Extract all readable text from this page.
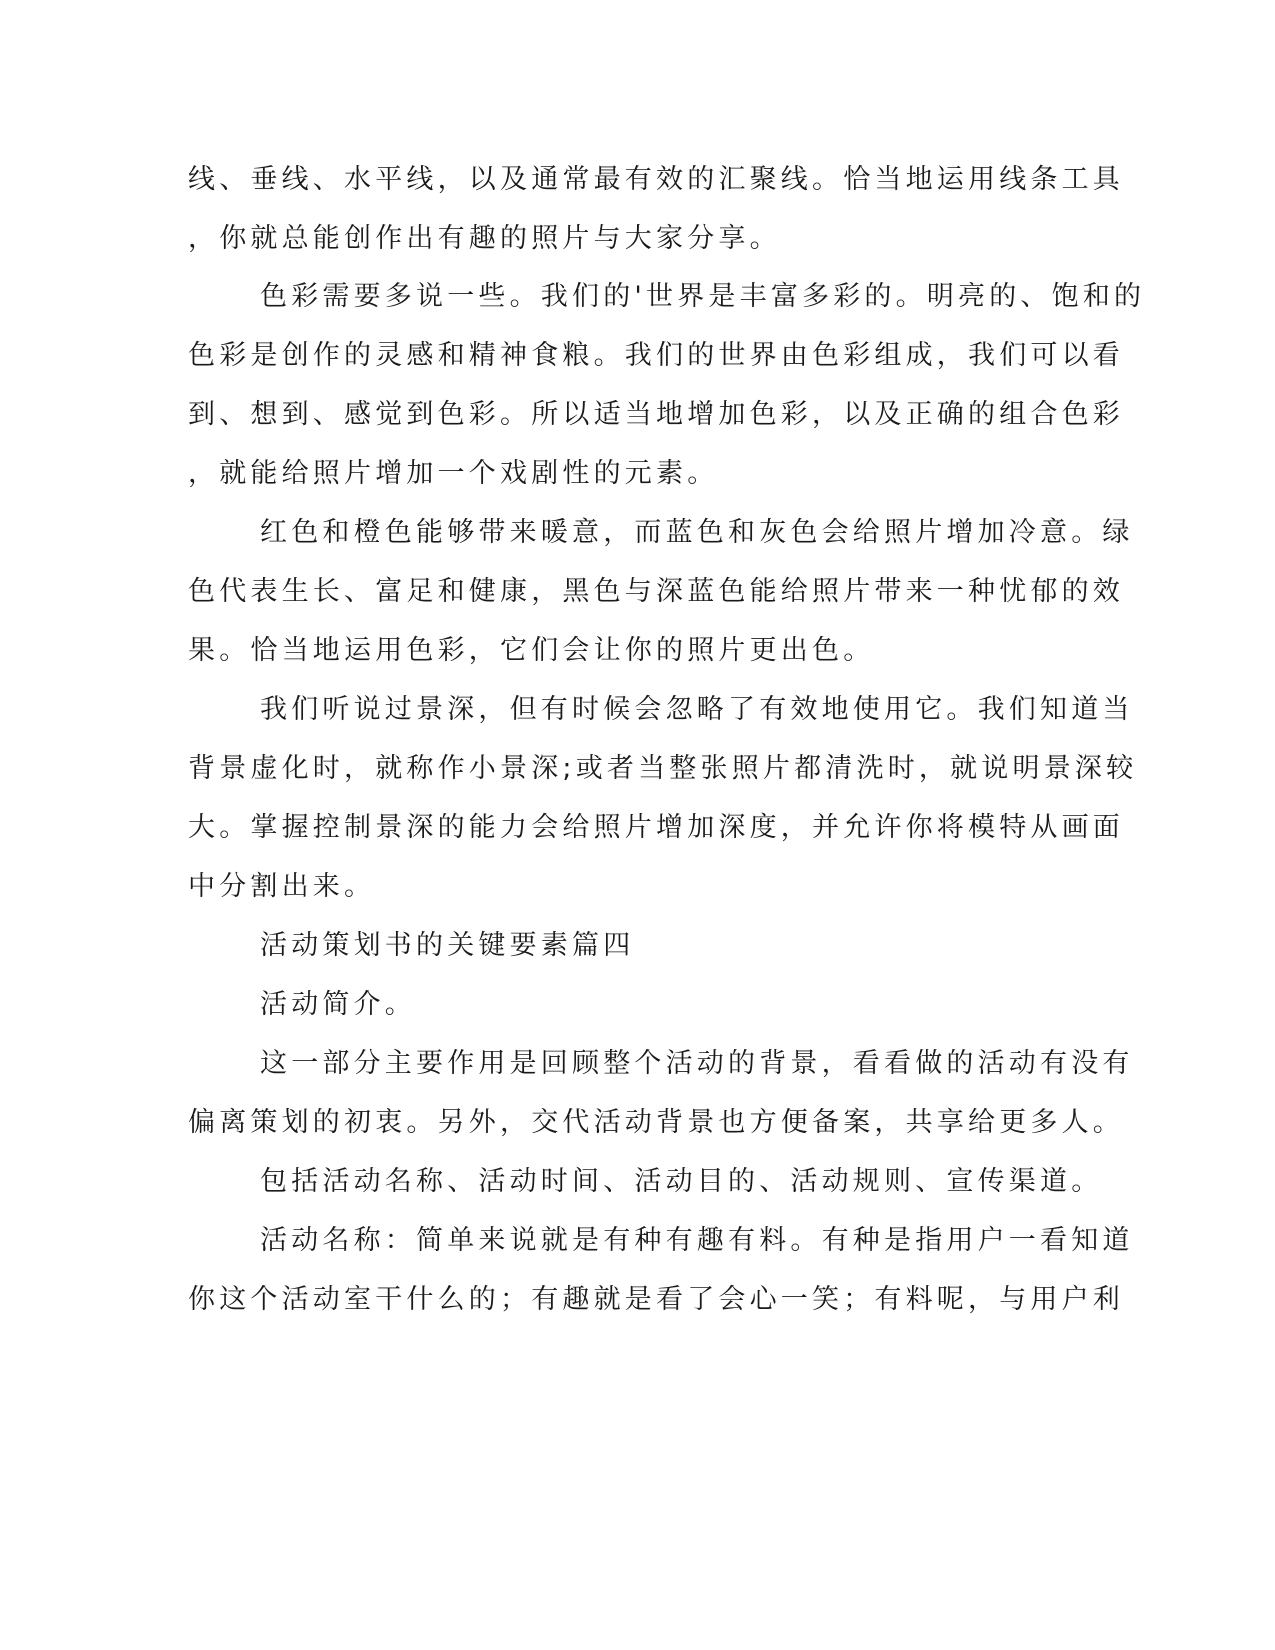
线、垂线、水平线，以及通常最有效的汇聚线。恰当地运用线条工具
，你就总能创作出有趣的照片与大家分享。
色彩需要多说一些。我们的'世界是丰富多彩的。明亮的、饱和的
色彩是创作的灵感和精神食粮。我们的世界由色彩组成，我们可以看
到、想到、感觉到色彩。所以适当地增加色彩，以及正确的组合色彩
，就能给照片增加一个戏剧性的元素。
红色和橙色能够带来暖意，而蓝色和灰色会给照片增加冷意。绿
色代表生长、富足和健康，黑色与深蓝色能给照片带来一种忧郁的效
果。恰当地运用色彩，它们会让你的照片更出色。
我们听说过景深，但有时候会忽略了有效地使用它。我们知道当
背景虚化时，就称作小景深;或者当整张照片都清洗时，就说明景深较
大。掌握控制景深的能力会给照片增加深度，并允许你将模特从画面
中分割出来。
活动策划书的关键要素篇四
活动简介。
这一部分主要作用是回顾整个活动的背景，看看做的活动有没有
偏离策划的初衷。另外，交代活动背景也方便备案，共享给更多人。
包括活动名称、活动时间、活动目的、活动规则、宣传渠道。
活动名称：简单来说就是有种有趣有料。有种是指用户一看知道
你这个活动室干什么的；有趣就是看了会心一笑；有料呢，与用户利
